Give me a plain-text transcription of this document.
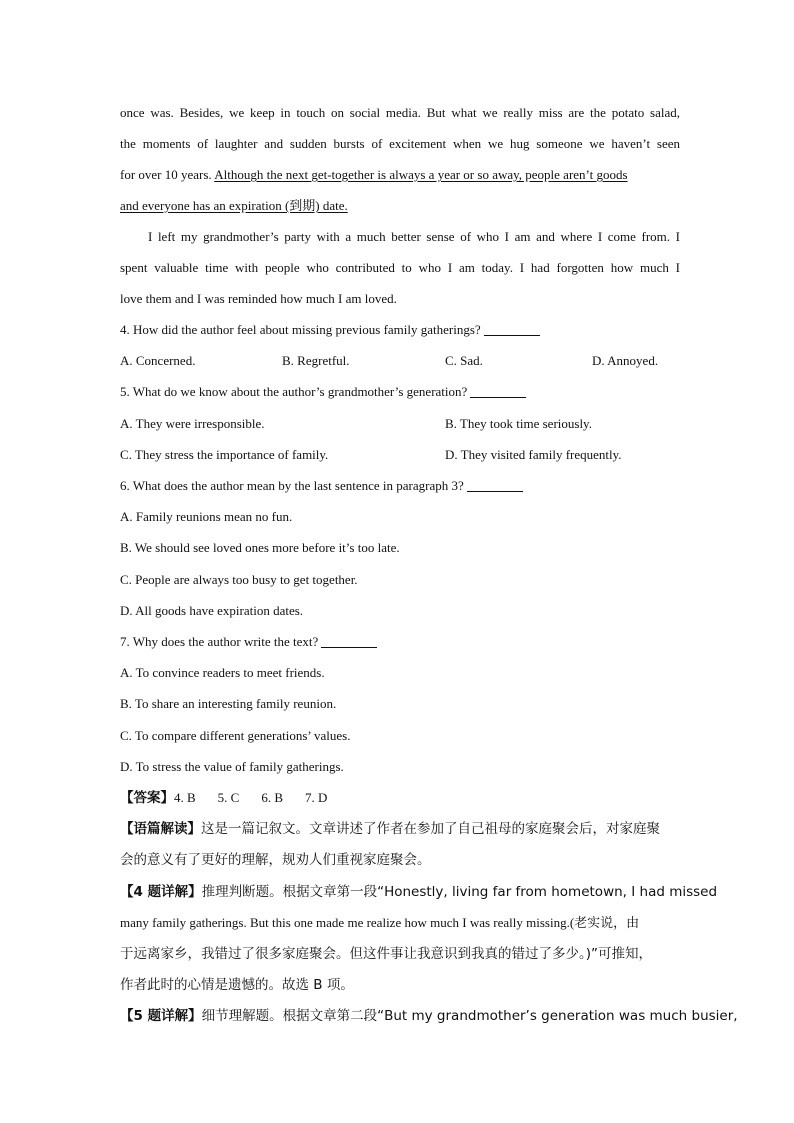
once was. Besides, we keep in touch on social media. But what we really miss are the potato salad,
the moments of laughter and sudden bursts of excitement when we hug someone we haven’t seen
for over 10 years. Although the next get-together is always a year or so away, people aren’t goods
and everyone has an expiration (到期) date.
I left my grandmother’s party with a much better sense of who I am and where I come from. I
spent valuable time with people who contributed to who I am today. I had forgotten how much I
love them and I was reminded how much I am loved.
4. How did the author feel about missing previous family gatherings?
A. Concerned.	B. Regretful.	C. Sad.	D. Annoyed.
5. What do we know about the author’s grandmother’s generation?
A. They were irresponsible.	B. They took time seriously.
C. They stress the importance of family.	D. They visited family frequently.
6. What does the author mean by the last sentence in paragraph 3?
A. Family reunions mean no fun.
B. We should see loved ones more before it’s too late.
C. People are always too busy to get together.
D. All goods have expiration dates.
7. Why does the author write the text?
A. To convince readers to meet friends.
B. To share an interesting family reunion.
C. To compare different generations’ values.
D. To stress the value of family gatherings.
【答案】4. B 5. C 6. B 7. D
【语篇解读】这是一篇记叙文。文章讲述了作者在参加了自己祖母的家庭聚会后，对家庭聚
会的意义有了更好的理解，规劝人们重视家庭聚会。
【4 题详解】推理判断题。根据文章第一段“Honestly, living far from hometown, I had missed
many family gatherings. But this one made me realize how much I was really missing.(老实说，由
于远离家乡，我错过了很多家庭聚会。但这件事让我意识到我真的错过了多少。)”可推知，
作者此时的心情是遗憾的。故选 B 项。
【5 题详解】细节理解题。根据文章第二段“But my grandmother’s generation was much busier,
